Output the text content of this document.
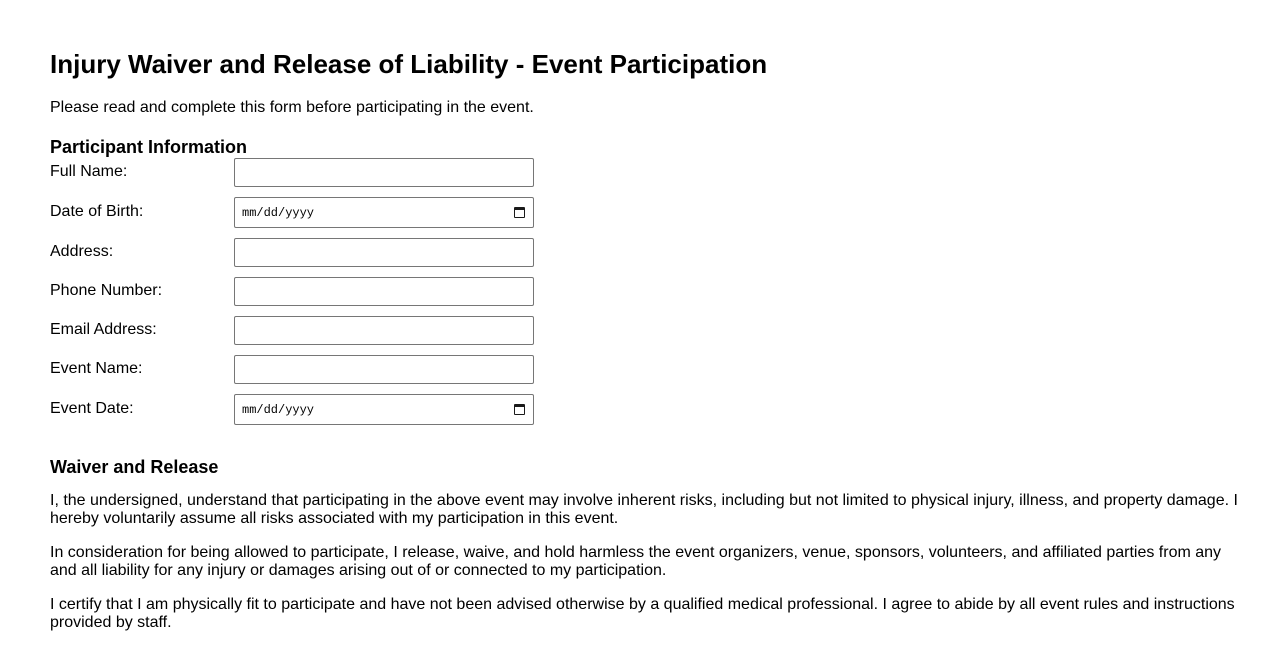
Injury Waiver and Release of Liability - Event Participation

Please read and complete this form before participating in the event.

Participant Information
Full Name:
Date of Birth:	mm/dd/yyyy
Address:
Phone Number:
Email Address:
Event Name:
Event Date:	mm/dd/yyyy
Waiver and Release

I, the undersigned, understand that participating in the above event may involve inherent risks, including but not limited to physical injury, illness, and property damage. I hereby voluntarily assume all risks associated with my participation in this event.

In consideration for being allowed to participate, I release, waive, and hold harmless the event organizers, venue, sponsors, volunteers, and affiliated parties from any and all liability for any injury or damages arising out of or connected to my participation.

I certify that I am physically fit to participate and have not been advised otherwise by a qualified medical professional. I agree to abide by all event rules and instructions provided by staff.
